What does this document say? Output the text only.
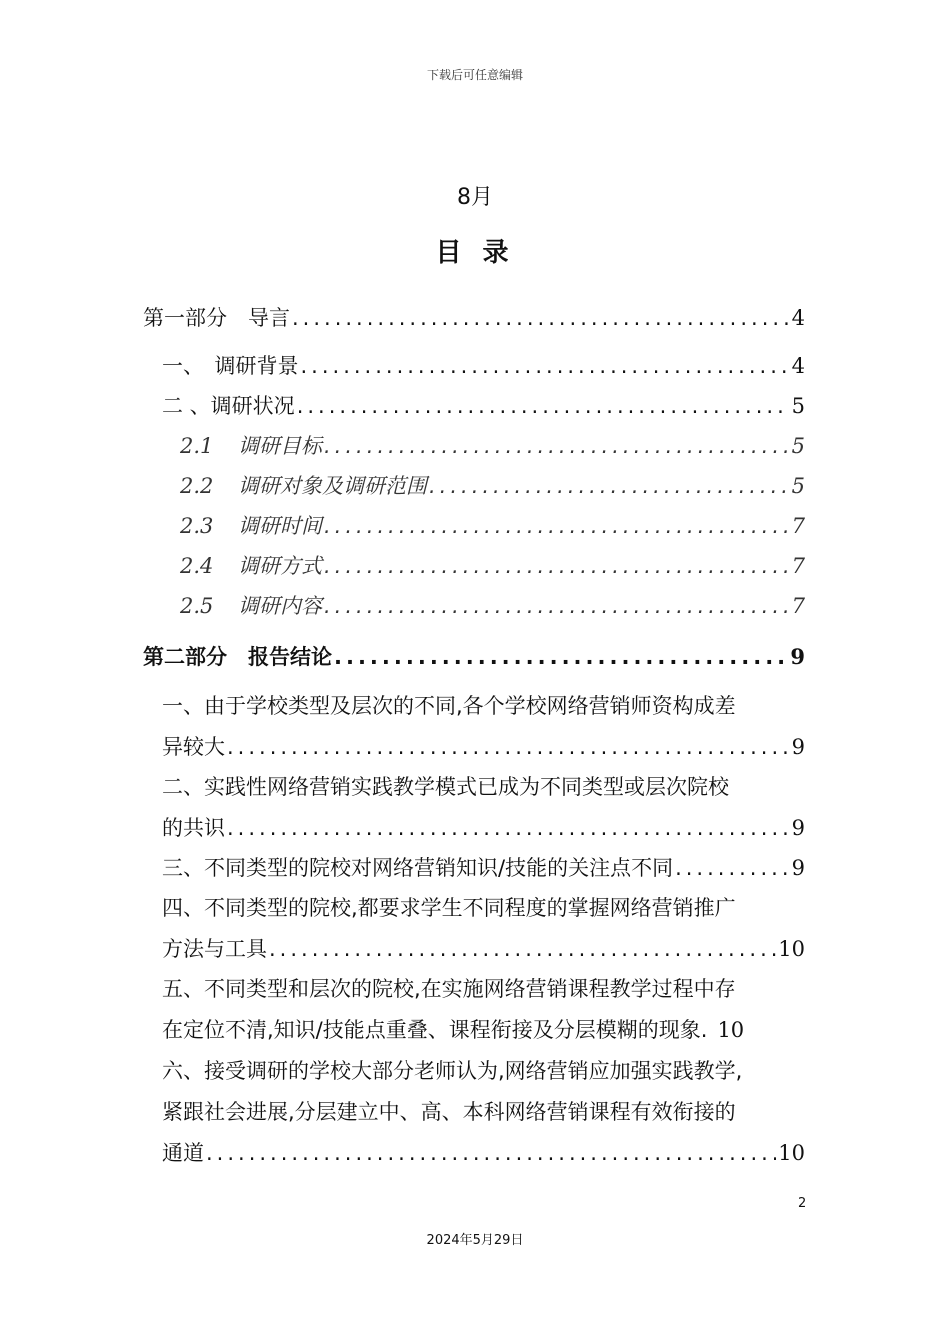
下载后可任意编辑
8月
目 录
第一部分　导言 .....	4
一、　调研背景 .....	4
二 、调研状况 .....	5
2.1 调研目标 .....	5
2.2 调研对象及调研范围 .....	5
2.3 调研时间 .....	7
2.4 调研方式 .....	7
2.5 调研内容 .....	7
第二部分　报告结论 .....	9
一、由于学校类型及层次的不同,各个学校网络营销师资构成差
异较大 .....	9
二、实践性网络营销实践教学模式已成为不同类型或层次院校
的共识 .....	9
三、不同类型的院校对网络营销知识/技能的关注点不同 .....	9
四、不同类型的院校,都要求学生不同程度的掌握网络营销推广
方法与工具 .....	10
五、不同类型和层次的院校,在实施网络营销课程教学过程中存
在定位不清,知识/技能点重叠、课程衔接及分层模糊的现象. 10
六、接受调研的学校大部分老师认为,网络营销应加强实践教学,
紧跟社会进展,分层建立中、高、本科网络营销课程有效衔接的
通道 .....	10
2
2024年5月29日
